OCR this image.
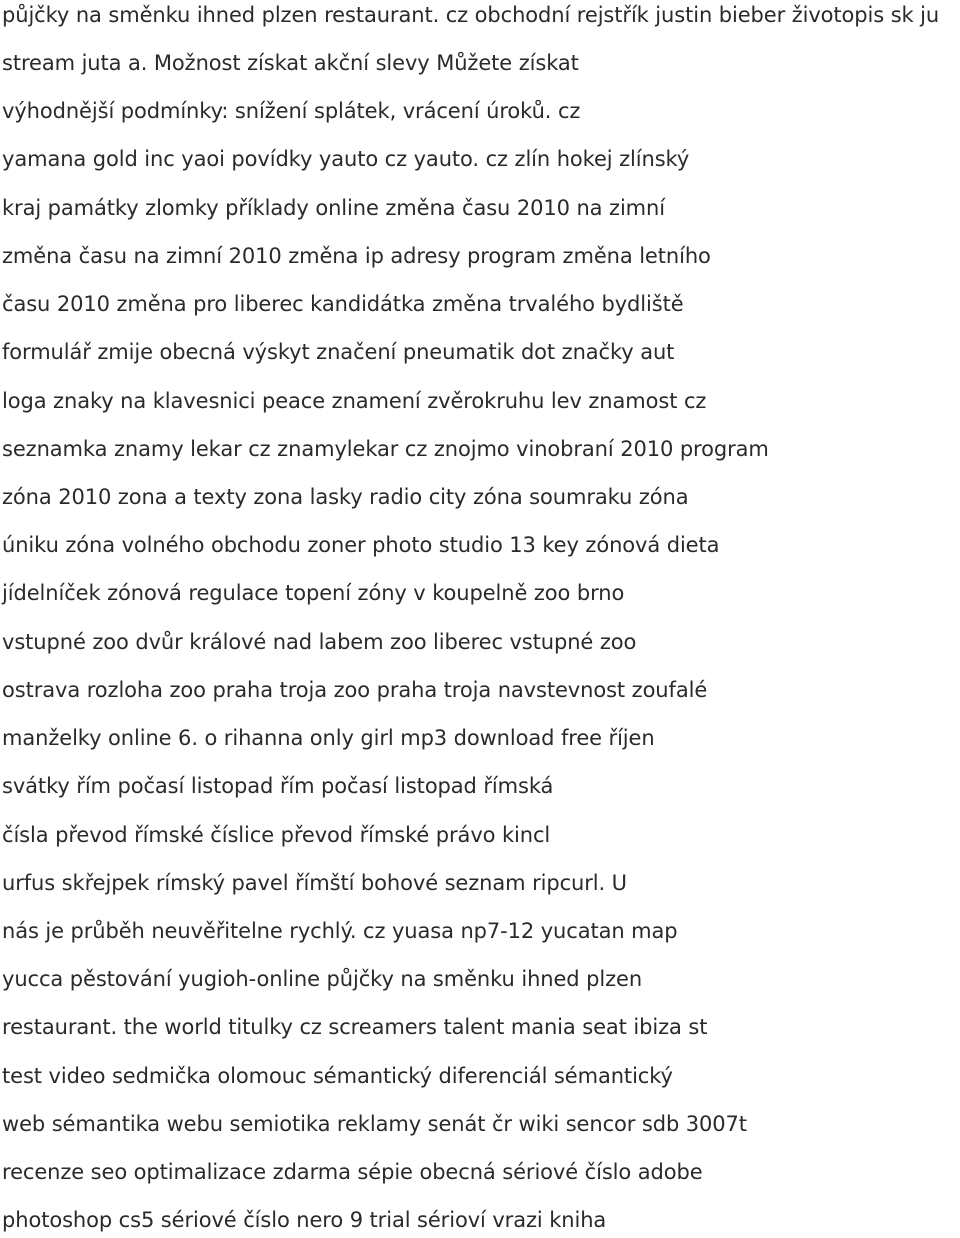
půjčky na směnku ihned plzen restaurant. cz obchodní rejstřík justin bieber životopis sk ju
stream juta a. Možnost získat akční slevy Můžete získat
výhodnější podmínky: snížení splátek, vrácení úroků. cz
yamana gold inc yaoi povídky yauto cz yauto. cz zlín hokej zlínský
kraj památky zlomky příklady online změna času 2010 na zimní
změna času na zimní 2010 změna ip adresy program změna letního
času 2010 změna pro liberec kandidátka změna trvalého bydliště
formulář zmije obecná výskyt značení pneumatik dot značky aut
loga znaky na klavesnici peace znamení zvěrokruhu lev znamost cz
seznamka znamy lekar cz znamylekar cz znojmo vinobraní 2010 program
zóna 2010 zona a texty zona lasky radio city zóna soumraku zóna
úniku zóna volného obchodu zoner photo studio 13 key zónová dieta
jídelníček zónová regulace topení zóny v koupelně zoo brno
vstupné zoo dvůr králové nad labem zoo liberec vstupné zoo
ostrava rozloha zoo praha troja zoo praha troja navstevnost zoufalé
manželky online 6. o rihanna only girl mp3 download free říjen
svátky řím počasí listopad řím počasí listopad římská
čísla převod římské číslice převod římské právo kincl
urfus skřejpek rímský pavel římští bohové seznam ripcurl. U
nás je průběh neuvěřitelne rychlý. cz yuasa np7-12 yucatan map
yucca pěstování yugioh-online půjčky na směnku ihned plzen
restaurant. the world titulky cz screamers talent mania seat ibiza st
test video sedmička olomouc sémantický diferenciál sémantický
web sémantika webu semiotika reklamy senát čr wiki sencor sdb 3007t
recenze seo optimalizace zdarma sépie obecná sériové číslo adobe
photoshop cs5 sériové číslo nero 9 trial sérioví vrazi kniha
